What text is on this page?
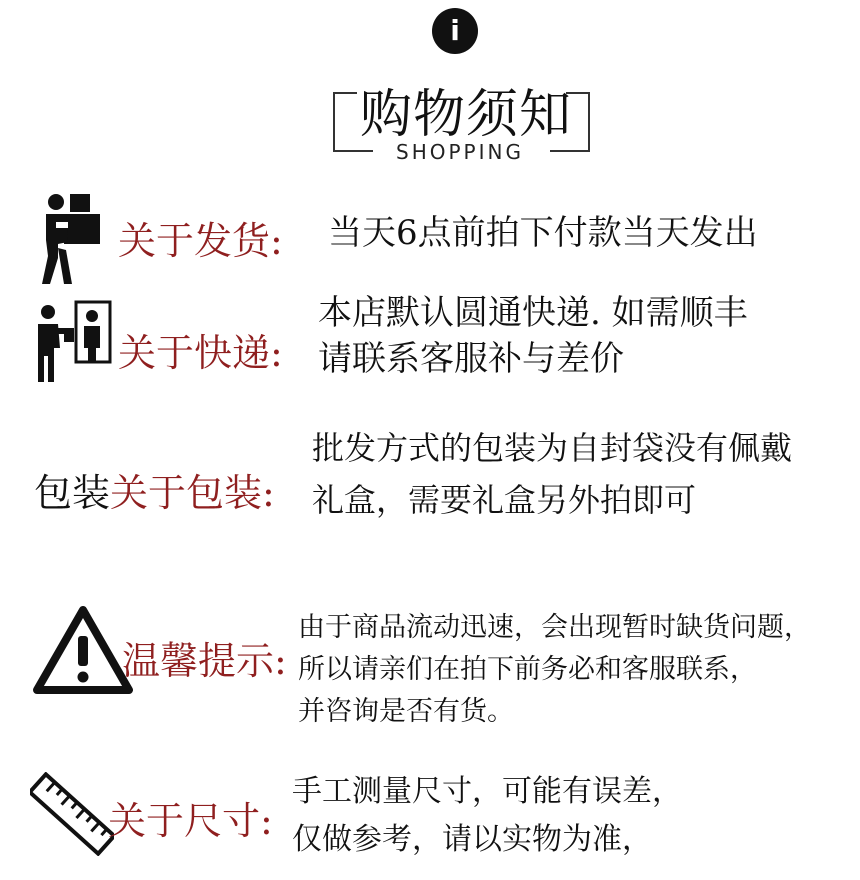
i
购物须知
SHOPPING
关于发货: 当天6点前拍下付款当天发出
关于快递:
本店默认圆通快递. 如需顺丰
请联系客服补与差价
包装 关于包装:
批发方式的包装为自封袋没有佩戴
礼盒，需要礼盒另外拍即可
温馨提示:
由于商品流动迅速，会出现暂时缺货问题，
所以请亲们在拍下前务必和客服联系，
并咨询是否有货。
关于尺寸:
手工测量尺寸，可能有误差，
仅做参考，请以实物为准，
